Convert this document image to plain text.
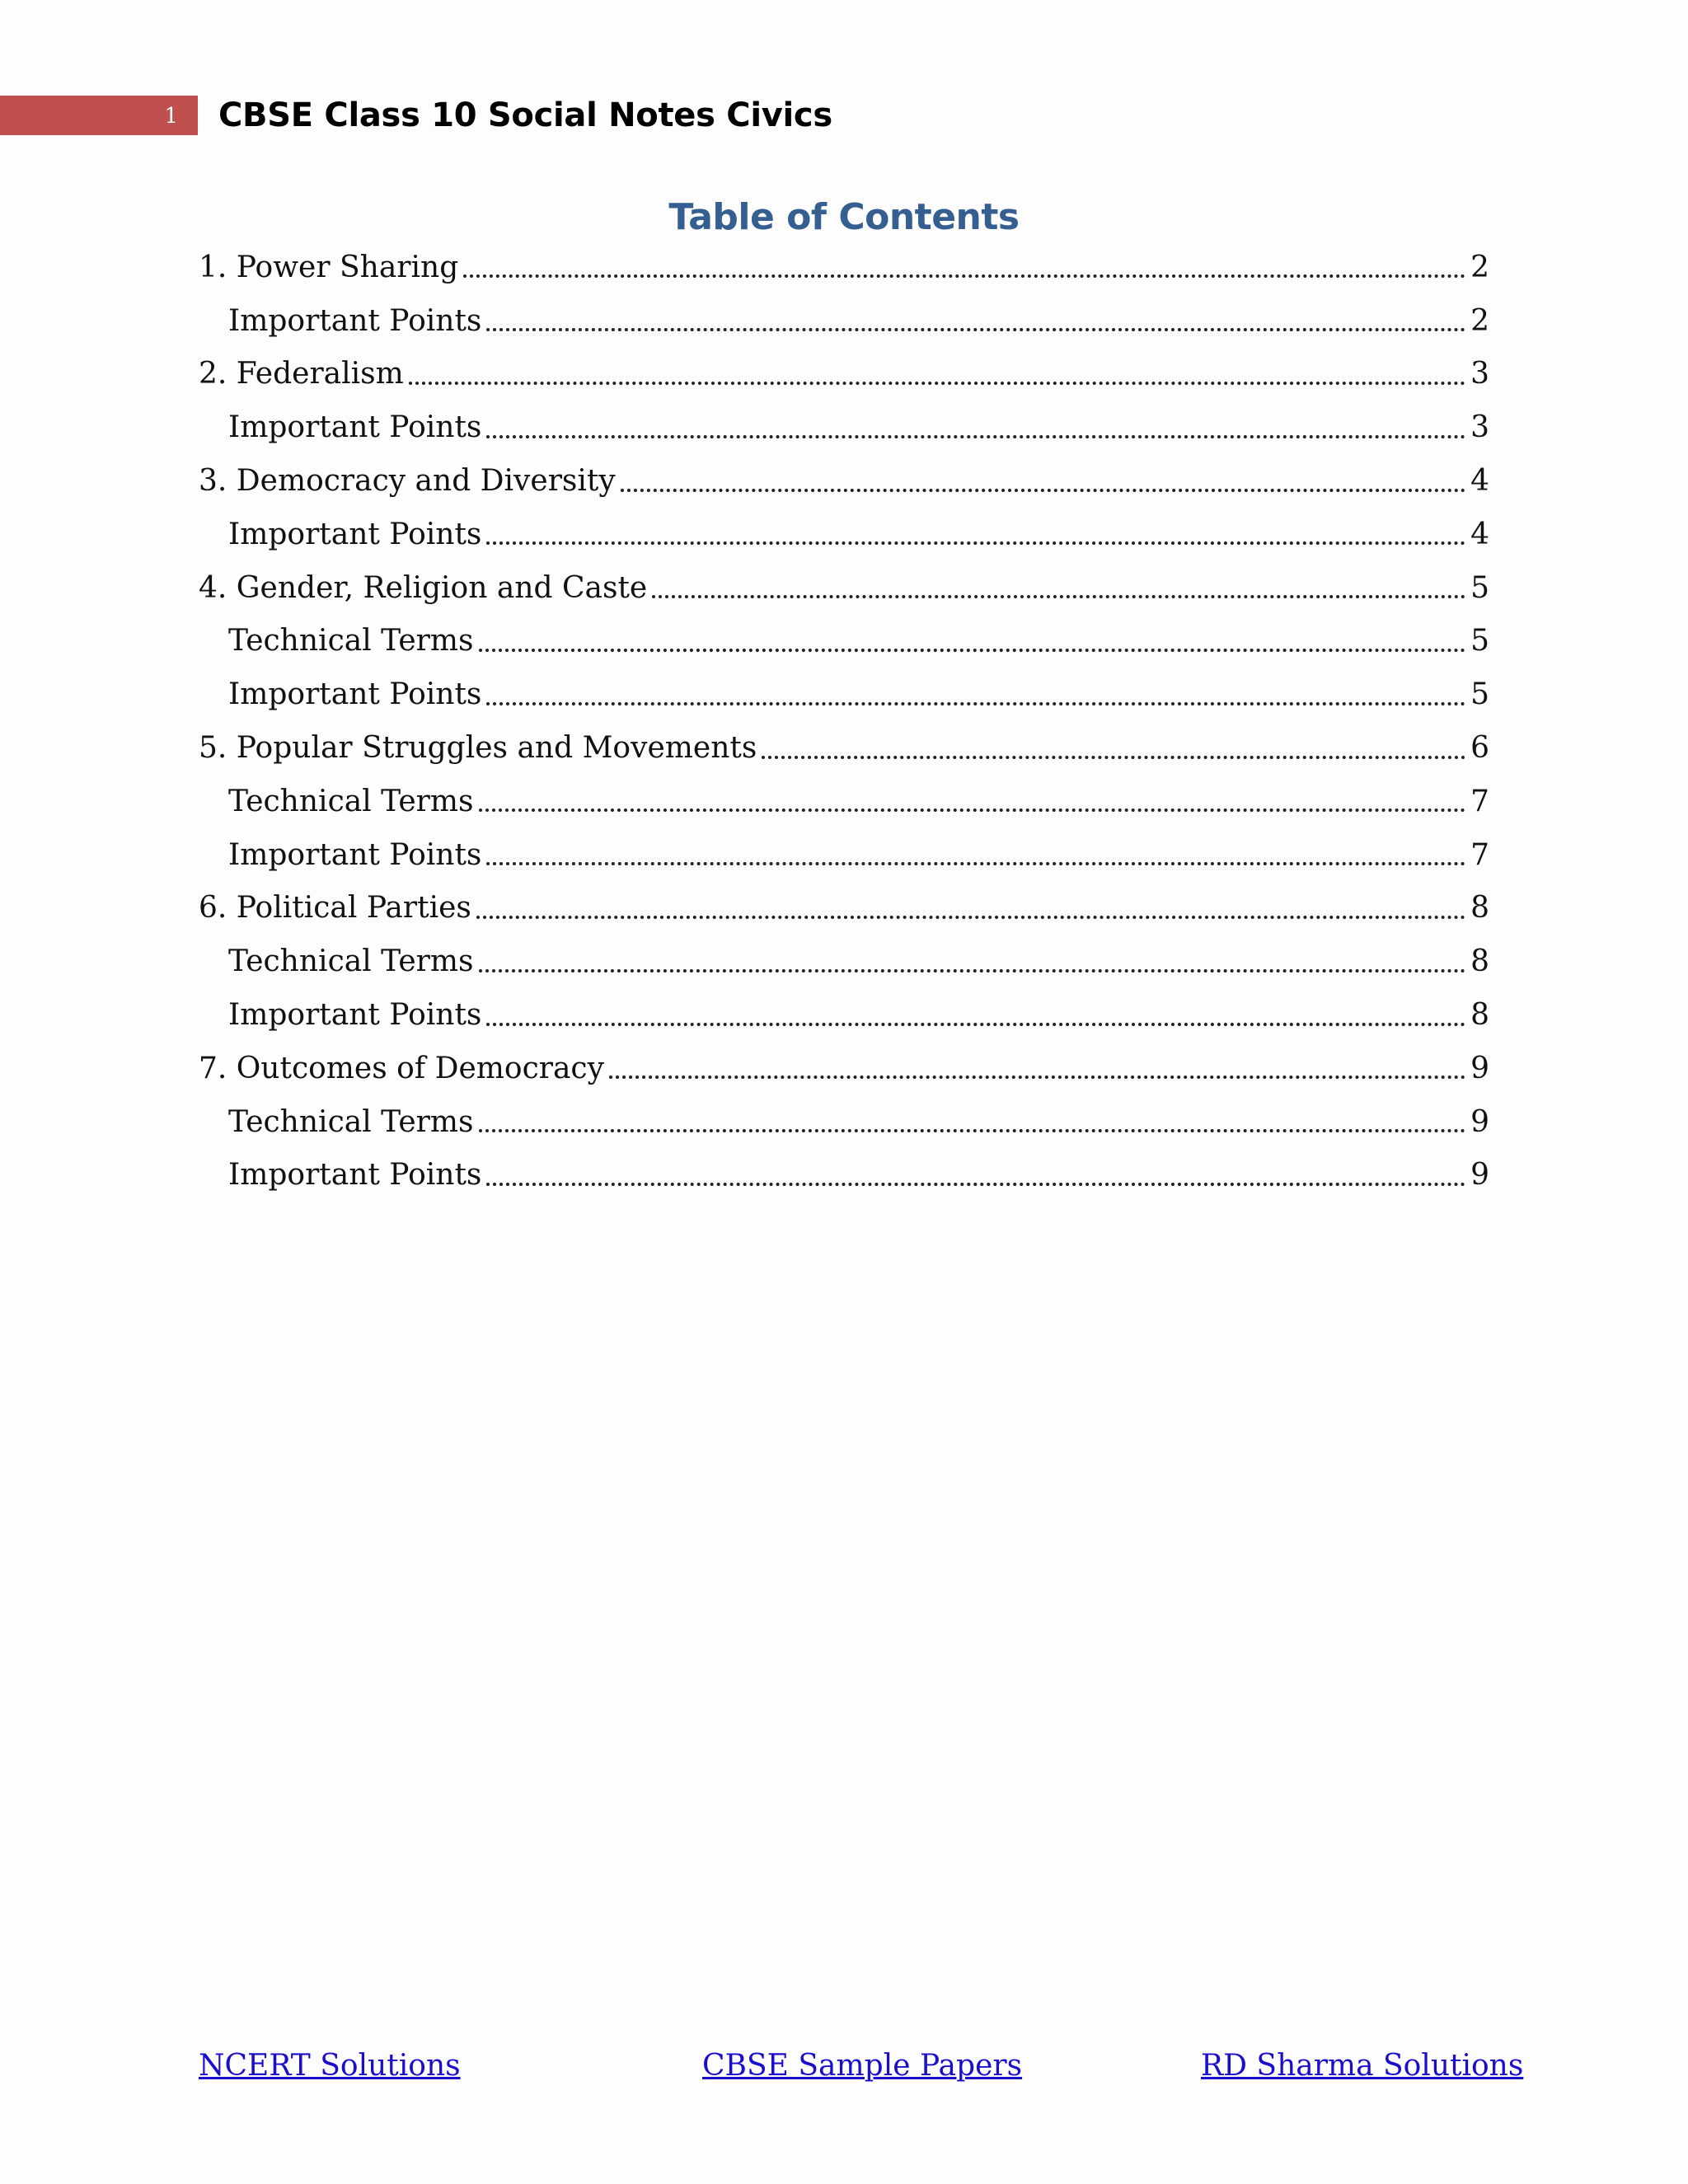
1 CBSE Class 10 Social Notes Civics
Table of Contents
1. Power Sharing	2
Important Points	2
2. Federalism	3
Important Points	3
3. Democracy and Diversity	4
Important Points	4
4. Gender, Religion and Caste	5
Technical Terms	5
Important Points	5
5. Popular Struggles and Movements	6
Technical Terms	7
Important Points	7
6. Political Parties	8
Technical Terms	8
Important Points	8
7. Outcomes of Democracy	9
Technical Terms	9
Important Points	9
NCERT Solutions	CBSE Sample Papers	RD Sharma Solutions
